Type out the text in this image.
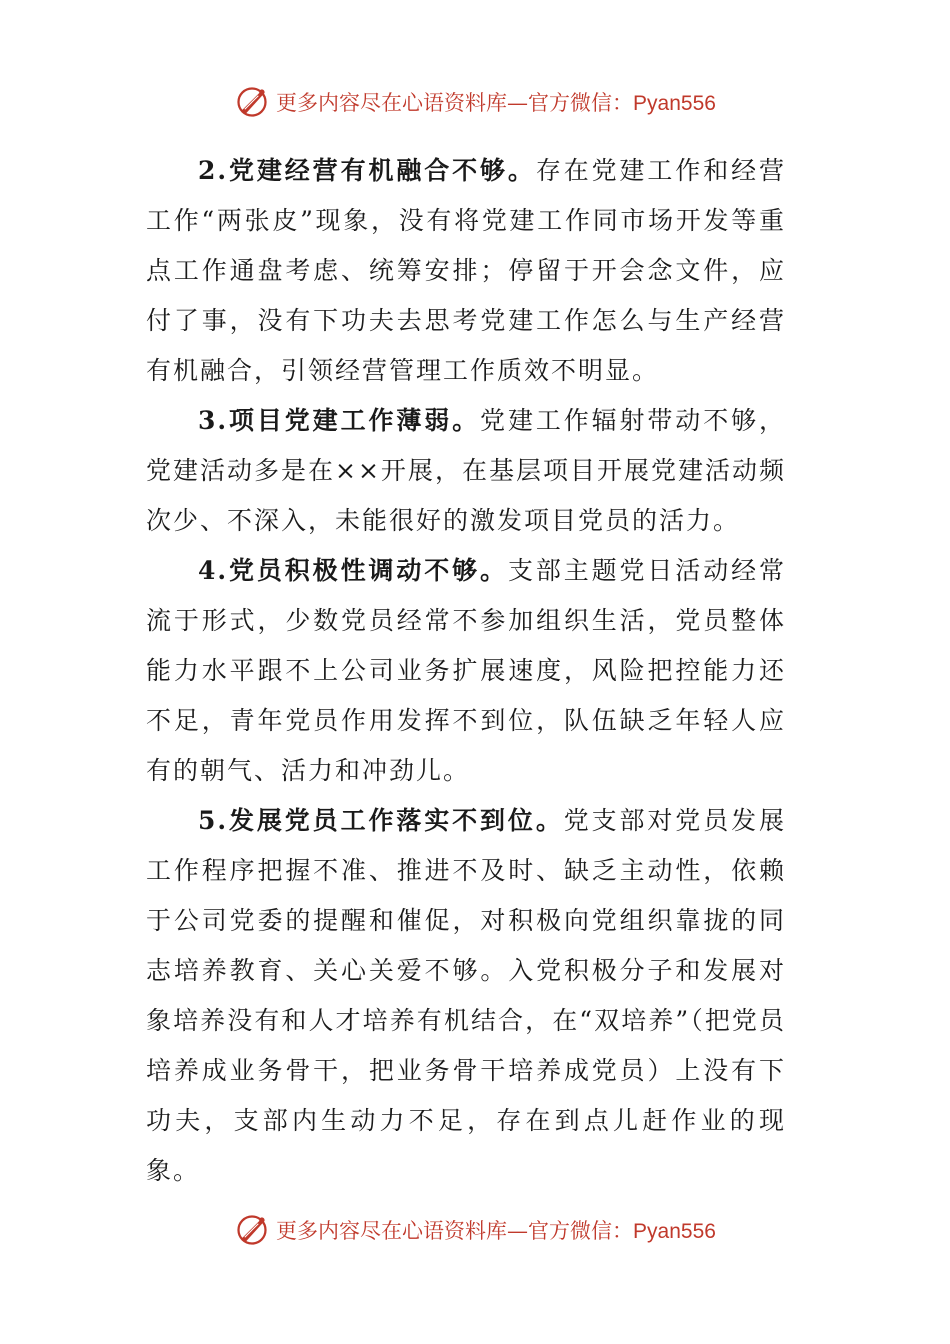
更多内容尽在心语资料库—官方微信：Pyan556

2.党建经营有机融合不够。存在党建工作和经营工作“两张皮”现象，没有将党建工作同市场开发等重点工作通盘考虑、统筹安排；停留于开会念文件，应付了事，没有下功夫去思考党建工作怎么与生产经营有机融合，引领经营管理工作质效不明显。

3.项目党建工作薄弱。党建工作辐射带动不够，党建活动多是在××开展，在基层项目开展党建活动频次少、不深入，未能很好的激发项目党员的活力。

4.党员积极性调动不够。支部主题党日活动经常流于形式，少数党员经常不参加组织生活，党员整体能力水平跟不上公司业务扩展速度，风险把控能力还不足，青年党员作用发挥不到位，队伍缺乏年轻人应有的朝气、活力和冲劲儿。

5.发展党员工作落实不到位。党支部对党员发展工作程序把握不准、推进不及时、缺乏主动性，依赖于公司党委的提醒和催促，对积极向党组织靠拢的同志培养教育、关心关爱不够。入党积极分子和发展对象培养没有和人才培养有机结合，在“双培养”（把党员培养成业务骨干，把业务骨干培养成党员）上没有下功夫，支部内生动力不足，存在到点儿赶作业的现象。

更多内容尽在心语资料库—官方微信：Pyan556
